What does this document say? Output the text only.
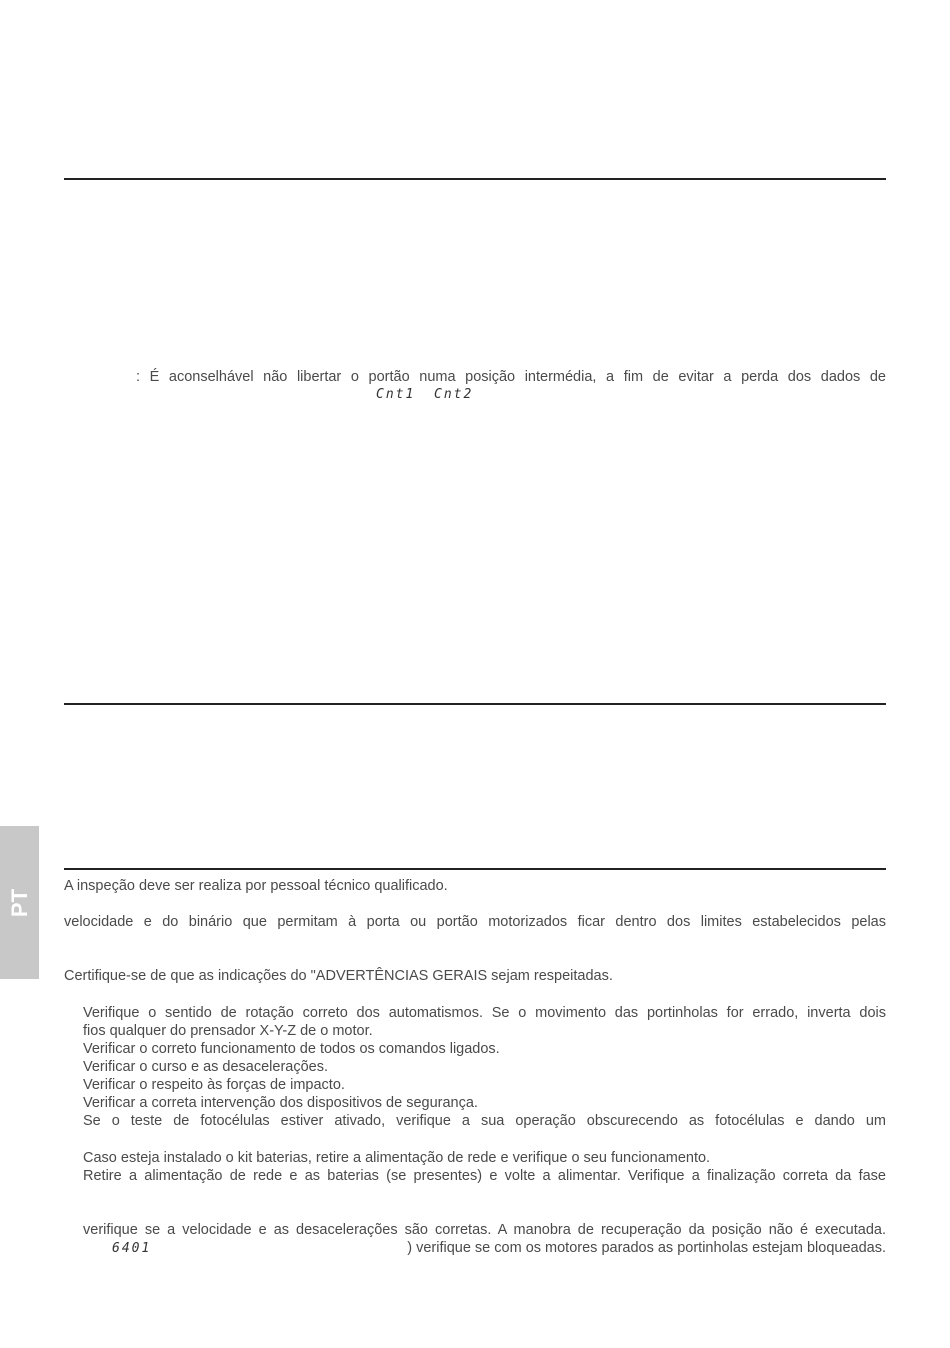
: É aconselhável não libertar o portão numa posição intermédia, a fim de evitar a perda dos dados de
Cnt1 Cnt2
PT
A inspeção deve ser realiza por pessoal técnico qualificado.
velocidade e do binário que permitam à porta ou portão motorizados ficar dentro dos limites estabelecidos pelas
Certifique-se de que as indicações do "ADVERTÊNCIAS GERAIS sejam respeitadas.
Verifique o sentido de rotação correto dos automatismos. Se o movimento das portinholas for errado, inverta dois
fios qualquer do prensador X-Y-Z de o motor.
Verificar o correto funcionamento de todos os comandos ligados.
Verificar o curso e as desacelerações.
Verificar o respeito às forças de impacto.
Verificar a correta intervenção dos dispositivos de segurança.
Se o teste de fotocélulas estiver ativado, verifique a sua operação obscurecendo as fotocélulas e dando um
Caso esteja instalado o kit baterias, retire a alimentação de rede e verifique o seu funcionamento.
Retire a alimentação de rede e as baterias (se presentes) e volte a alimentar. Verifique a finalização correta da fase
verifique se a velocidade e as desacelerações são corretas. A manobra de recuperação da posição não é executada.
6401	) verifique se com os motores parados as portinholas estejam bloqueadas.
